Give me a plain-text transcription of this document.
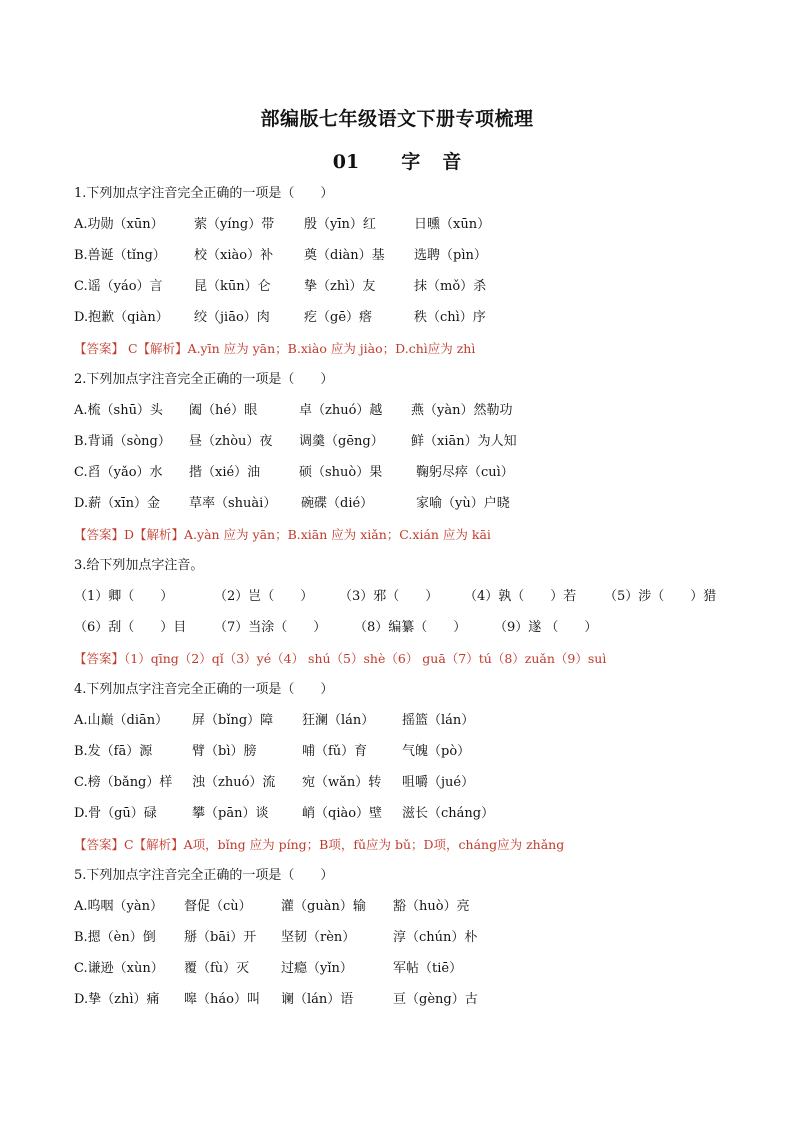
部编版七年级语文下册专项梳理
01 字 音
1.下列加点字注音完全正确的一项是（　　）
A.功勋（xūn）	萦（yíng）带	殷（yīn）红	日曛（xūn）
B.兽诞（tǐng）	校（xiào）补	奠（diàn）基	选聘（pìn）
C.谣（yáo）言	昆（kūn）仑	挚（zhì）友	抹（mǒ）杀
D.抱歉（qiàn）	绞（jiāo）肉	疙（gē）瘩	秩（chì）序
【答案】 C【解析】A.yīn 应为 yān；B.xiào 应为 jiào；D.chì应为 zhì
2.下列加点字注音完全正确的一项是（　　）
A.梳（shū）头	阖（hé）眼	卓（zhuó）越	燕（yàn）然勒功
B.背诵（sòng）	昼（zhòu）夜	调羹（gēng）	鲜（xiān）为人知
C.舀（yǎo）水	揩（xié）油	硕（shuò）果	鞠躬尽瘁（cuì）
D.薪（xīn）金	草率（shuài）	碗碟（dié）	家喻（yù）户晓
【答案】D【解析】A.yàn 应为 yān；B.xiān 应为 xiǎn；C.xián 应为 kāi
3.给下列加点字注音。
（1）卿（　　）	（2）岂（　　）	（3）邪（　　）	（4）孰（　　）若	（5）涉（　　）猎
（6）刮（　　）目	（7）当涂（　　）	（8）编纂（　　）	（9）遂 （　　）
【答案】（1）qīng（2）qǐ（3）yé（4） shú（5）shè（6） guā（7）tú（8）zuǎn（9）suì
4.下列加点字注音完全正确的一项是（　　）
A.山巅（diān）	屏（bǐng）障	狂澜（lán）	摇篮（lán）
B.发（fā）源	臂（bì）膀	哺（fǔ）育	气魄（pò）
C.榜（bǎng）样	浊（zhuó）流	宛（wǎn）转	咀嚼（jué）
D.骨（gū）碌	攀（pān）谈	峭（qiào）壁	滋长（cháng）
【答案】C【解析】A项，bǐng 应为 píng；B项，fǔ应为 bǔ；D项，cháng应为 zhǎng
5.下列加点字注音完全正确的一项是（　　）
A.呜咽（yàn）	督促（cù）	灌（guàn）输	豁（huò）亮
B.摁（èn）倒	掰（bāi）开	坚韧（rèn）	淳（chún）朴
C.谦逊（xùn）	覆（fù）灭	过瘾（yǐn）	军帖（tiē）
D.挚（zhì）痛	嗥（háo）叫	谰（lán）语	亘（gèng）古
